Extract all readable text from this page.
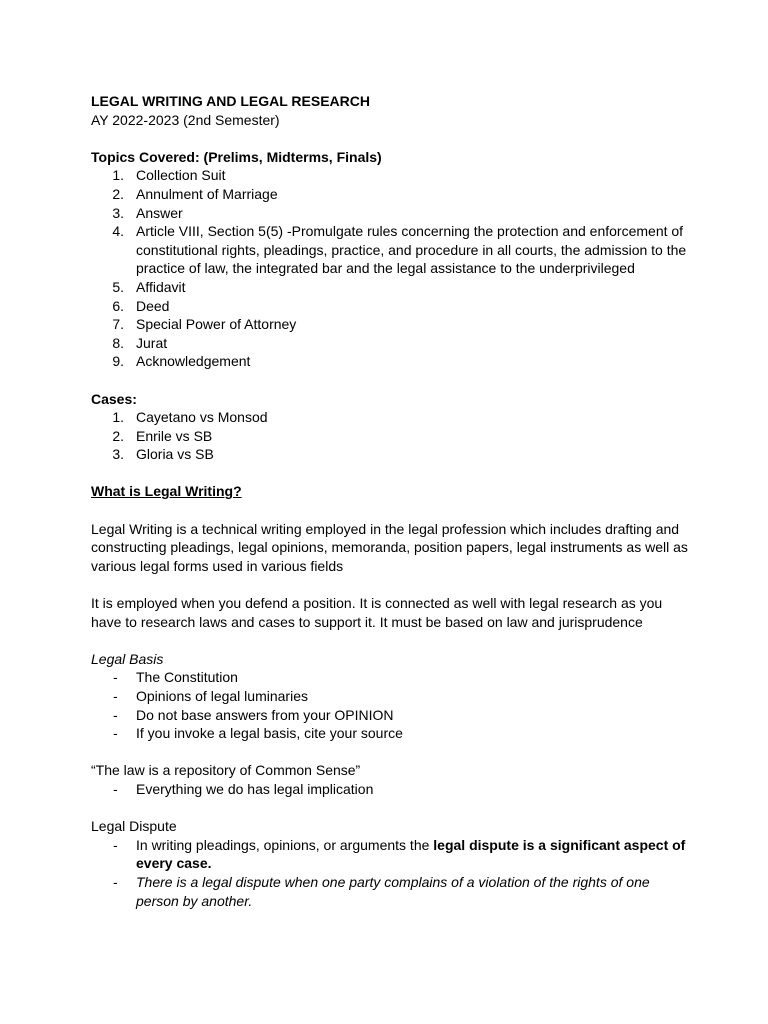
LEGAL WRITING AND LEGAL RESEARCH

AY 2022-2023 (2nd Semester)

Topics Covered: (Prelims, Midterms, Finals)

1. Collection Suit
2. Annulment of Marriage
3. Answer
4. Article VIII, Section 5(5) -Promulgate rules concerning the protection and enforcement of constitutional rights, pleadings, practice, and procedure in all courts, the admission to the practice of law, the integrated bar and the legal assistance to the underprivileged
5. Affidavit
6. Deed
7. Special Power of Attorney
8. Jurat
9. Acknowledgement

Cases:

1. Cayetano vs Monsod
2. Enrile vs SB
3. Gloria vs SB

What is Legal Writing?

Legal Writing is a technical writing employed in the legal profession which includes drafting and constructing pleadings, legal opinions, memoranda, position papers, legal instruments as well as various legal forms used in various fields

It is employed when you defend a position. It is connected as well with legal research as you have to research laws and cases to support it. It must be based on law and jurisprudence

Legal Basis

- The Constitution
- Opinions of legal luminaries
- Do not base answers from your OPINION
- If you invoke a legal basis, cite your source

“The law is a repository of Common Sense”

- Everything we do has legal implication

Legal Dispute

- In writing pleadings, opinions, or arguments the legal dispute is a significant aspect of every case.
- There is a legal dispute when one party complains of a violation of the rights of one person by another.
